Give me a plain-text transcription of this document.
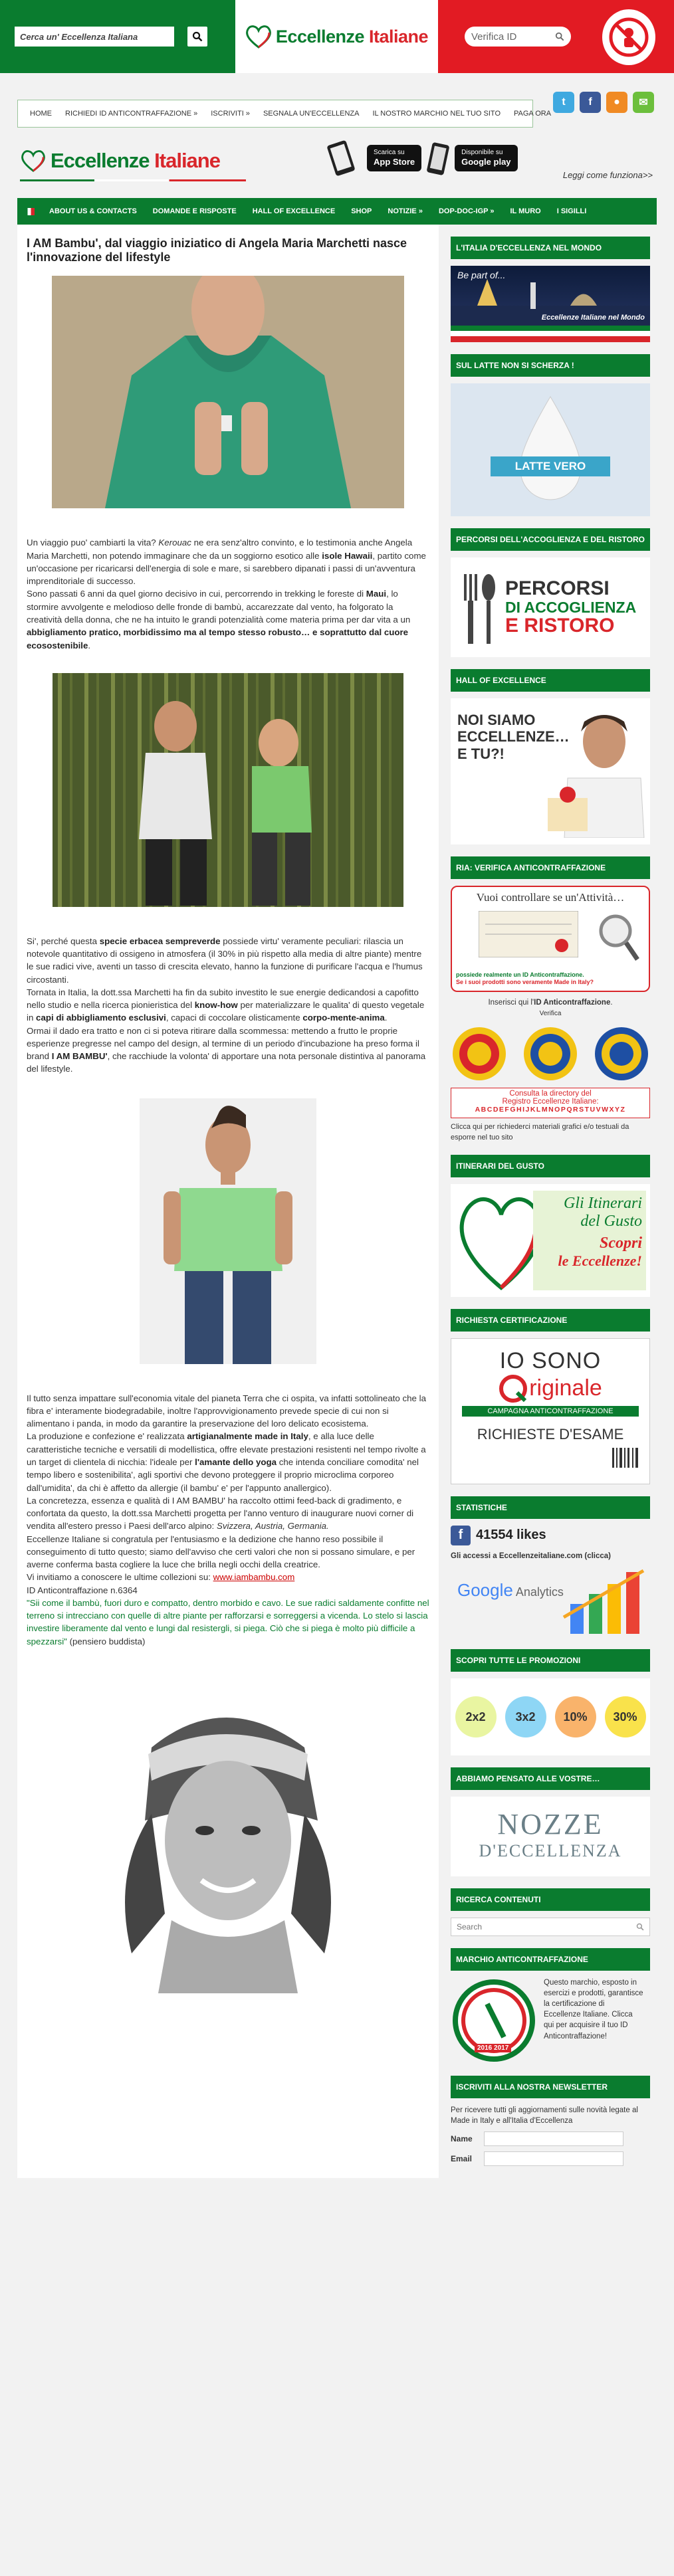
Cerca un' Eccellenza Italiana
Eccellenze Italiane
Verifica ID
HOME	RICHIEDI ID ANTICONTRAFFAZIONE »	ISCRIVITI »	SEGNALA UN'ECCELLENZA	IL NOSTRO MARCHIO NEL TUO SITO	PAGA ORA
t	f	●	✉
Eccellenze Italiane	Scarica su
App Store
Disponibile su
Google play
Leggi come funziona>>
ABOUT US & CONTACTS	DOMANDE E RISPOSTE	HALL OF EXCELLENCE	SHOP	NOTIZIE »	DOP-DOC-IGP »	IL MURO	I SIGILLI
I AM Bambu', dal viaggio iniziatico di Angela Maria Marchetti nasce l'innovazione del lifestyle
Un viaggio puo' cambiarti la vita? Kerouac ne era senz'altro convinto, e lo testimonia anche Angela Maria Marchetti, non potendo immaginare che da un soggiorno esotico alle isole Hawaii, partito come un'occasione per ricaricarsi dell'energia di sole e mare, si sarebbero dipanati i passi di un'avventura imprenditoriale di successo.
Sono passati 6 anni da quel giorno decisivo in cui, percorrendo in trekking le foreste di Maui, lo stormire avvolgente e melodioso delle fronde di bambù, accarezzate dal vento, ha folgorato la creatività della donna, che ne ha intuito le grandi potenzialità come materia prima per dar vita a un abbigliamento pratico, morbidissimo ma al tempo stesso robusto… e soprattutto dal cuore ecosostenibile.
Si', perché questa specie erbacea sempreverde possiede virtu' veramente peculiari: rilascia un notevole quantitativo di ossigeno in atmosfera (il 30% in più rispetto alla media di altre piante) mentre le sue radici vive, aventi un tasso di crescita elevato, hanno la funzione di purificare l'acqua e l'humus circostanti.
Tornata in Italia, la dott.ssa Marchetti ha fin da subito investito le sue energie dedicandosi a capofitto nello studio e nella ricerca pionieristica del know-how per materializzare le qualita' di questo vegetale in capi di abbigliamento esclusivi, capaci di coccolare olisticamente corpo-mente-anima.
Ormai il dado era tratto e non ci si poteva ritirare dalla scommessa: mettendo a frutto le proprie esperienze pregresse nel campo del design, al termine di un periodo d'incubazione ha preso forma il brand I AM BAMBU', che racchiude la volonta' di apportare una nota personale distintiva al panorama del lifestyle.
Il tutto senza impattare sull'economia vitale del pianeta Terra che ci ospita, va infatti sottolineato che la fibra e' interamente biodegradabile, inoltre l'approvvigionamento prevede specie di cui non si alimentano i panda, in modo da garantire la preservazione del loro delicato ecosistema.
La produzione e confezione e' realizzata artigianalmente made in Italy, e alla luce delle caratteristiche tecniche e versatili di modellistica, offre elevate prestazioni resistenti nel tempo rivolte a un target di clientela di nicchia: l'ideale per l'amante dello yoga che intenda conciliare comodita' nel tempo libero e sostenibilita', agli sportivi che devono proteggere il proprio microclima corporeo dall'umidita', da chi è affetto da allergie (il bambu' e' per l'appunto anallergico).
La concretezza, essenza e qualità di I AM BAMBU' ha raccolto ottimi feed-back di gradimento, e confortata da questo, la dott.ssa Marchetti progetta per l'anno venturo di inaugurare nuovi corner di vendita all'estero presso i Paesi dell'arco alpino: Svizzera, Austria, Germania.
Eccellenze Italiane si congratula per l'entusiasmo e la dedizione che hanno reso possibile il conseguimento di tutto questo; siamo dell'avviso che certi valori che non si possano simulare, e per averne conferma basta cogliere la luce che brilla negli occhi della creatrice.
Vi invitiamo a conoscere le ultime collezioni su: www.iambambu.com
ID Anticontraffazione n.6364
"Sii come il bambù, fuori duro e compatto, dentro morbido e cavo. Le sue radici saldamente confitte nel terreno si intrecciano con quelle di altre piante per rafforzarsi e sorreggersi a vicenda. Lo stelo si lascia investire liberamente dal vento e lungi dal resistergli, si piega. Ciò che si piega è molto più difficile a spezzarsi" (pensiero buddista)
L'ITALIA D'ECCELLENZA NEL MONDO
Be part of...
Eccellenze Italiane nel Mondo
SUL LATTE NON SI SCHERZA !
LATTE VERO
PERCORSI DELL'ACCOGLIENZA E DEL RISTORO
PERCORSI
DI ACCOGLIENZA
E RISTORO
HALL OF EXCELLENCE
NOI SIAMO
ECCELLENZE…
E TU?!
RIA: VERIFICA ANTICONTRAFFAZIONE
Vuoi controllare se un'Attività…
possiede realmente un ID Anticontraffazione.
Se i suoi prodotti sono veramente Made in Italy?
Inserisci qui l'ID Anticontraffazione.
Verifica
Consulta la directory del
Registro Eccellenze Italiane:
ABCDEFGHIJKLMNOPQRSTUVWXYZ
Clicca qui per richiederci materiali grafici e/o testuali da esporre nel tuo sito
ITINERARI DEL GUSTO
Gli Itinerari
del Gusto
Scopri
le Eccellenze!
RICHIESTA CERTIFICAZIONE
IO SONO
riginale
CAMPAGNA ANTICONTRAFFAZIONE
RICHIESTE D'ESAME
STATISTICHE
f 41554 likes
Gli accessi a Eccellenzeitaliane.com (clicca)
Google Analytics
SCOPRI TUTTE LE PROMOZIONI
2x2 3x2 10% 30%
ABBIAMO PENSATO ALLE VOSTRE…
NOZZE
D'ECCELLENZA
RICERCA CONTENUTI
Search
MARCHIO ANTICONTRAFFAZIONE
2016 2017
Questo marchio, esposto in esercizi e prodotti, garantisce la certificazione di Eccellenze Italiane. Clicca qui per acquisire il tuo ID Anticontraffazione!
ISCRIVITI ALLA NOSTRA NEWSLETTER
Per ricevere tutti gli aggiornamenti sulle novità legate al Made in Italy e all'Italia d'Eccellenza
Name
Email
